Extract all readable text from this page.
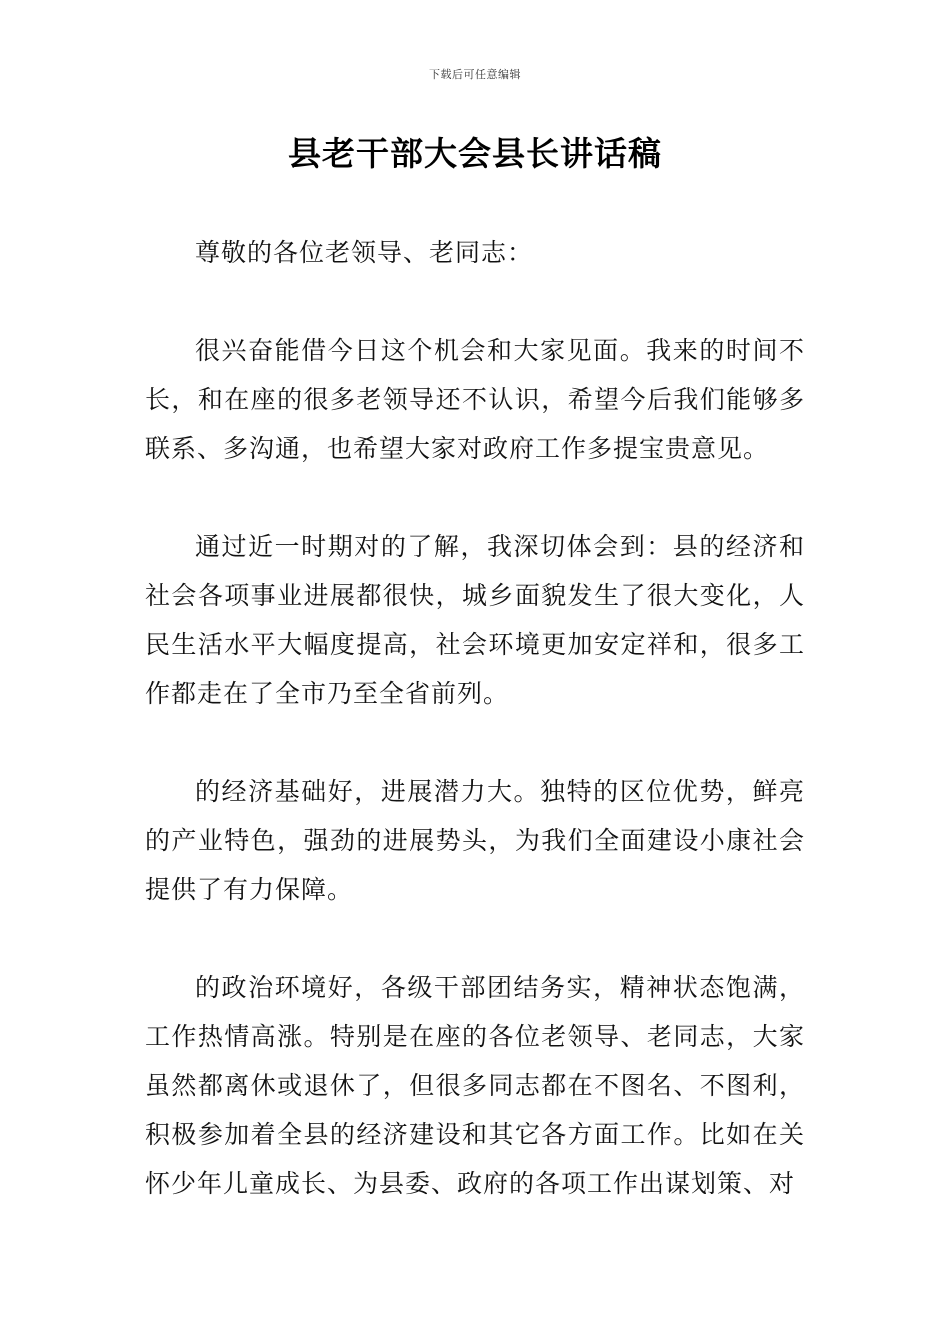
下载后可任意编辑
县老干部大会县长讲话稿

尊敬的各位老领导、老同志：

很兴奋能借今日这个机会和大家见面。我来的时间不长，和在座的很多老领导还不认识，希望今后我们能够多联系、多沟通，也希望大家对政府工作多提宝贵意见。

通过近一时期对的了解，我深切体会到：县的经济和社会各项事业进展都很快，城乡面貌发生了很大变化，人民生活水平大幅度提高，社会环境更加安定祥和，很多工作都走在了全市乃至全省前列。

的经济基础好，进展潜力大。独特的区位优势，鲜亮的产业特色，强劲的进展势头，为我们全面建设小康社会提供了有力保障。

的政治环境好，各级干部团结务实，精神状态饱满，工作热情高涨。特别是在座的各位老领导、老同志，大家虽然都离休或退休了，但很多同志都在不图名、不图利，积极参加着全县的经济建设和其它各方面工作。比如在关怀少年儿童成长、为县委、政府的各项工作出谋划策、对
